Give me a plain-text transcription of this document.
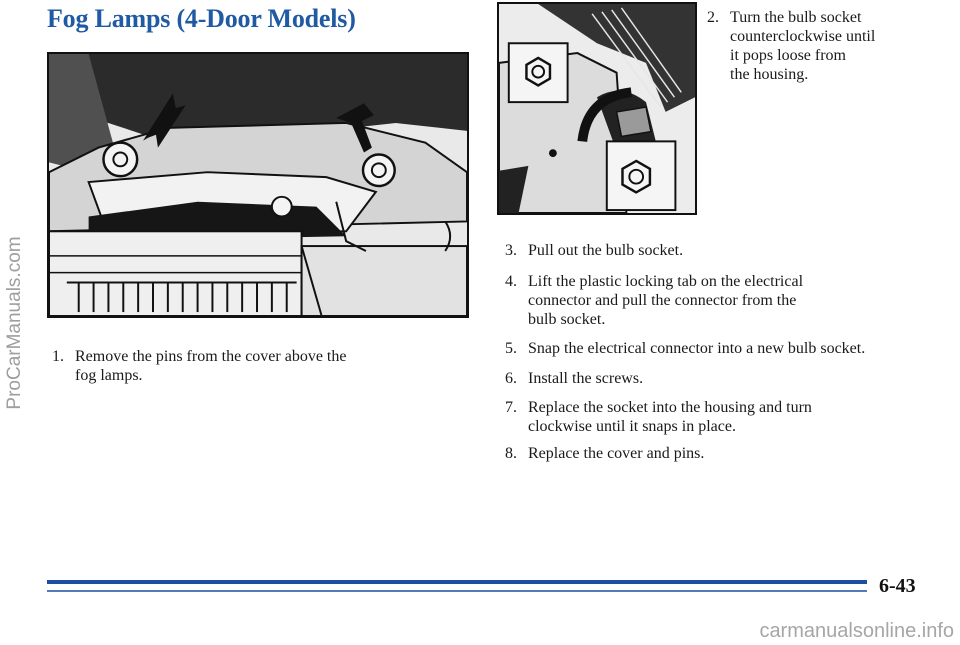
ProCarManuals.com
Fog Lamps (4-Door Models)	2. Turn the bulb socket
counterclockwise until
it pops loose from
the housing.
1. Remove the pins from the cover above the
fog lamps.
3. Pull out the bulb socket.
4. Lift the plastic locking tab on the electrical
connector and pull the connector from the
bulb socket.
5. Snap the electrical connector into a new bulb socket.
6. Install the screws.
7. Replace the socket into the housing and turn
clockwise until it snaps in place.
8. Replace the cover and pins.
6-43
carmanualsonline.info
